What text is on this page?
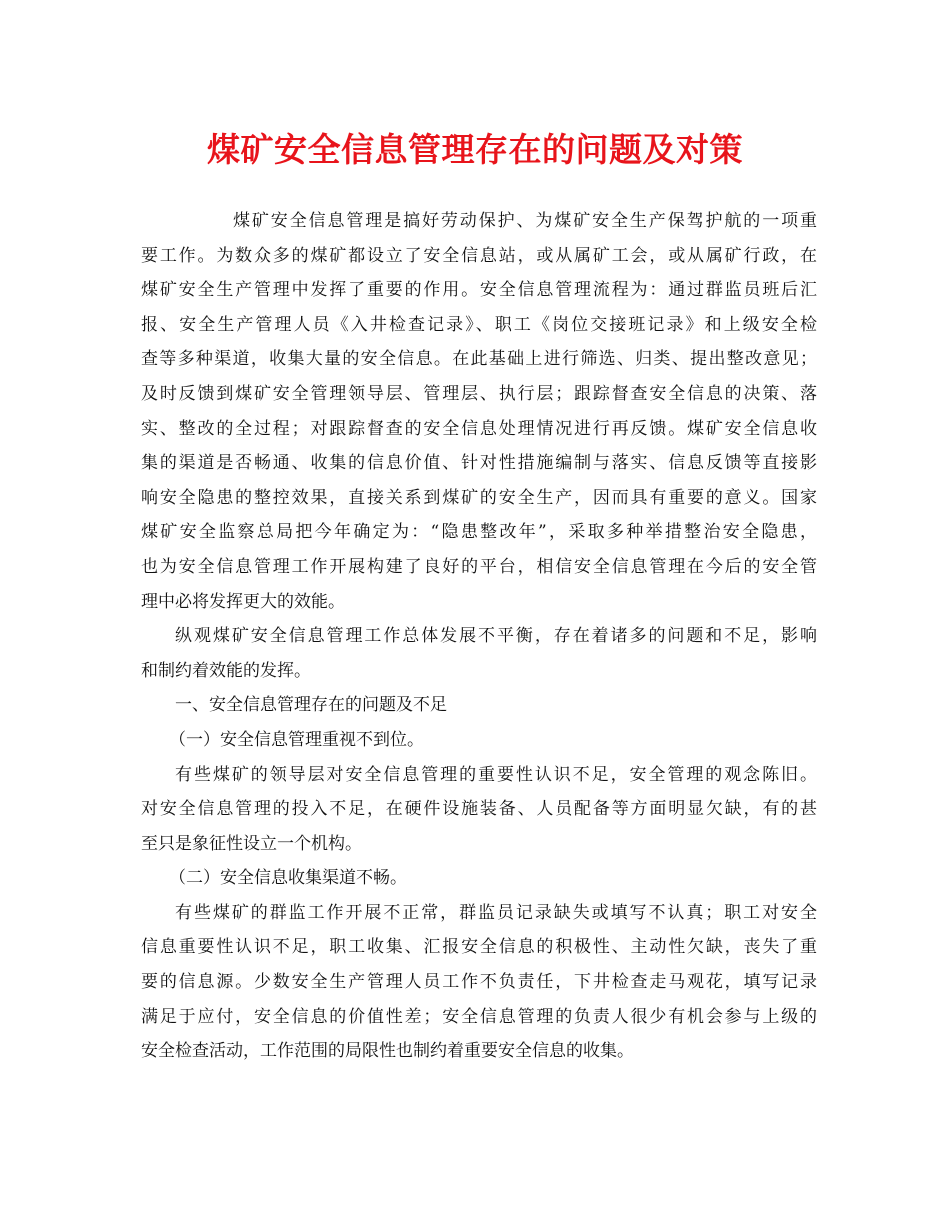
煤矿安全信息管理存在的问题及对策
煤矿安全信息管理是搞好劳动保护、为煤矿安全生产保驾护航的一项重
要工作。为数众多的煤矿都设立了安全信息站，或从属矿工会，或从属矿行政，在
煤矿安全生产管理中发挥了重要的作用。安全信息管理流程为：通过群监员班后汇
报、安全生产管理人员《入井检查记录》、职工《岗位交接班记录》和上级安全检
查等多种渠道，收集大量的安全信息。在此基础上进行筛选、归类、提出整改意见；
及时反馈到煤矿安全管理领导层、管理层、执行层；跟踪督查安全信息的决策、落
实、整改的全过程；对跟踪督查的安全信息处理情况进行再反馈。煤矿安全信息收
集的渠道是否畅通、收集的信息价值、针对性措施编制与落实、信息反馈等直接影
响安全隐患的整控效果，直接关系到煤矿的安全生产，因而具有重要的意义。国家
煤矿安全监察总局把今年确定为：“隐患整改年”，采取多种举措整治安全隐患，
也为安全信息管理工作开展构建了良好的平台，相信安全信息管理在今后的安全管
理中必将发挥更大的效能。
纵观煤矿安全信息管理工作总体发展不平衡，存在着诸多的问题和不足，影响
和制约着效能的发挥。
一、安全信息管理存在的问题及不足
（一）安全信息管理重视不到位。
有些煤矿的领导层对安全信息管理的重要性认识不足，安全管理的观念陈旧。
对安全信息管理的投入不足，在硬件设施装备、人员配备等方面明显欠缺，有的甚
至只是象征性设立一个机构。
（二）安全信息收集渠道不畅。
有些煤矿的群监工作开展不正常，群监员记录缺失或填写不认真；职工对安全
信息重要性认识不足，职工收集、汇报安全信息的积极性、主动性欠缺，丧失了重
要的信息源。少数安全生产管理人员工作不负责任，下井检查走马观花，填写记录
满足于应付，安全信息的价值性差；安全信息管理的负责人很少有机会参与上级的
安全检查活动，工作范围的局限性也制约着重要安全信息的收集。
